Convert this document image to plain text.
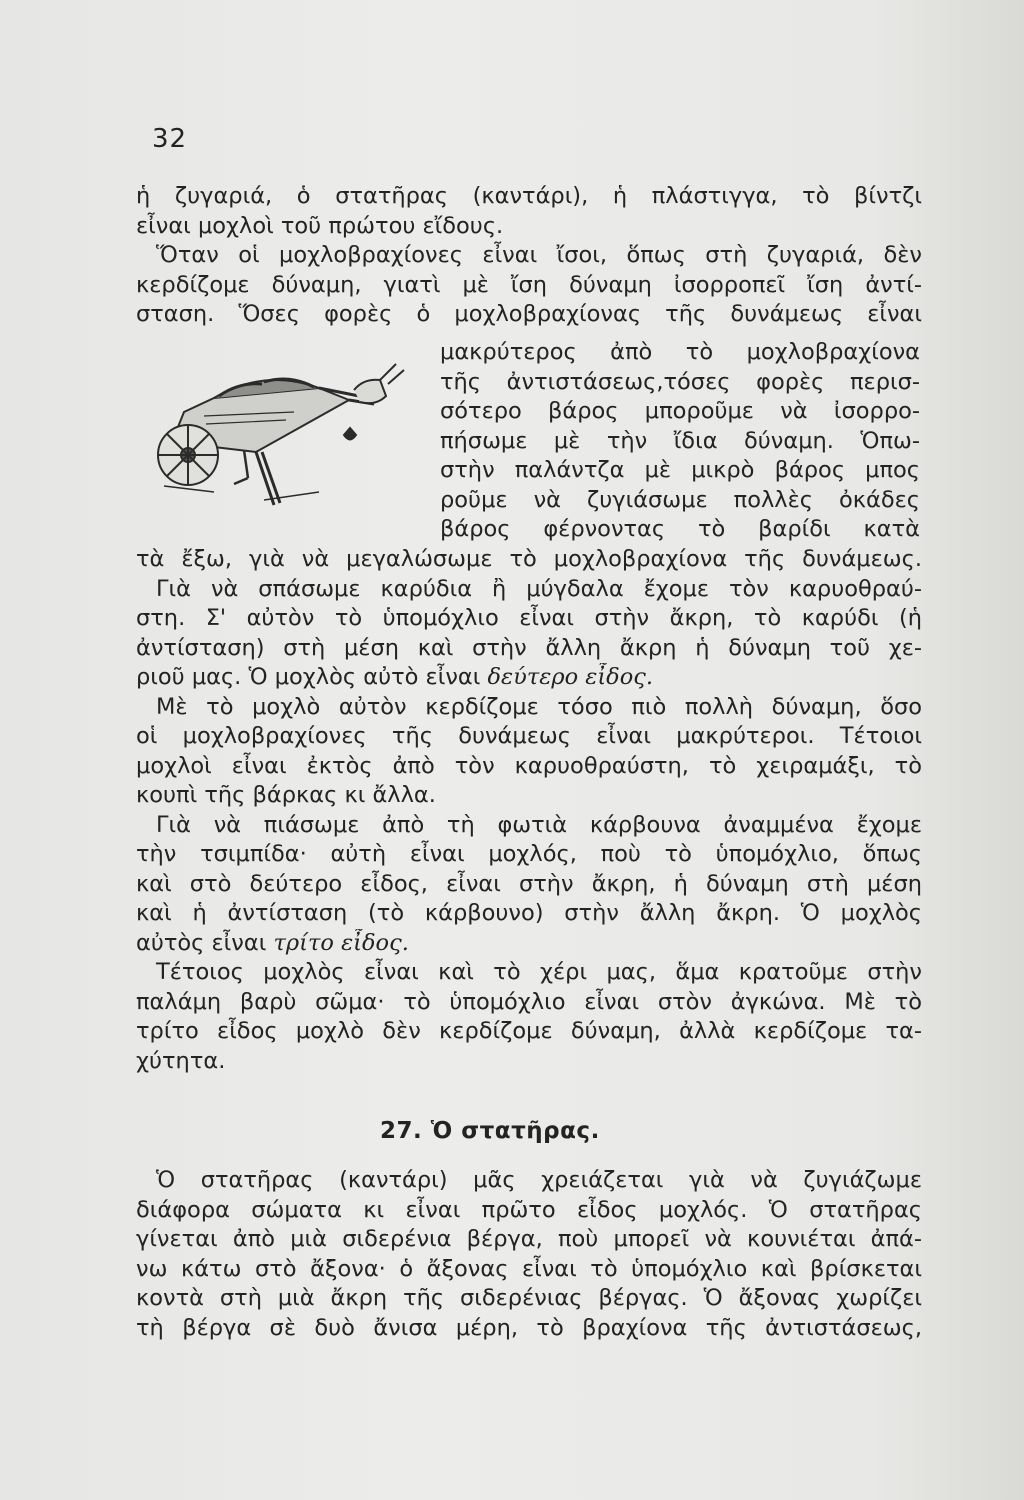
32
ἡ ζυγαριά, ὁ στατῆρας (καντάρι), ἡ πλάστιγγα, τὸ βίντζι
εἶναι μοχλοὶ τοῦ πρώτου εἴδους.
Ὅταν οἱ μοχλοβραχίονες εἶναι ἴσοι, ὅπως στὴ ζυγαριά, δὲν
κερδίζομε δύναμη, γιατὶ μὲ ἴση δύναμη ἰσορροπεῖ ἴση ἀντί-
σταση. Ὅσες φορὲς ὁ μοχλοβραχίονας τῆς δυνάμεως εἶναι
μακρύτερος ἀπὸ τὸ μοχλοβραχίονα
τῆς ἀντιστάσεως,τόσες φορὲς περισ-
σότερο βάρος μποροῦμε νὰ ἰσορρο-
πήσωμε μὲ τὴν ἴδια δύναμη. Ὁπω-
στὴν παλάντζα μὲ μικρὸ βάρος μπος
ροῦμε νὰ ζυγιάσωμε πολλὲς ὀκάδες
βάρος φέρνοντας τὸ βαρίδι κατὰ
τὰ ἔξω, γιὰ νὰ μεγαλώσωμε τὸ μοχλοβραχίονα τῆς δυνάμεως.
Γιὰ νὰ σπάσωμε καρύδια ἢ μύγδαλα ἔχομε τὸν καρυοθραύ-
στη. Σ' αὐτὸν τὸ ὑπομόχλιο εἶναι στὴν ἄκρη, τὸ καρύδι (ἡ
ἀντίσταση) στὴ μέση καὶ στὴν ἄλλη ἄκρη ἡ δύναμη τοῦ χε-
ριοῦ μας. Ὁ μοχλὸς αὐτὸ εἶναι δεύτερο εἶδος.
Μὲ τὸ μοχλὸ αὐτὸν κερδίζομε τόσο πιὸ πολλὴ δύναμη, ὅσο
οἱ μοχλοβραχίονες τῆς δυνάμεως εἶναι μακρύτεροι. Τέτοιοι
μοχλοὶ εἶναι ἐκτὸς ἀπὸ τὸν καρυοθραύστη, τὸ χειραμάξι, τὸ
κουπὶ τῆς βάρκας κι ἄλλα.
Γιὰ νὰ πιάσωμε ἀπὸ τὴ φωτιὰ κάρβουνα ἀναμμένα ἔχομε
τὴν τσιμπίδα· αὐτὴ εἶναι μοχλός, ποὺ τὸ ὑπομόχλιο, ὅπως
καὶ στὸ δεύτερο εἶδος, εἶναι στὴν ἄκρη, ἡ δύναμη στὴ μέση
καὶ ἡ ἀντίσταση (τὸ κάρβουνο) στὴν ἄλλη ἄκρη. Ὁ μοχλὸς
αὐτὸς εἶναι τρίτο εἶδος.
Τέτοιος μοχλὸς εἶναι καὶ τὸ χέρι μας, ἅμα κρατοῦμε στὴν
παλάμη βαρὺ σῶμα· τὸ ὑπομόχλιο εἶναι στὸν ἀγκώνα. Μὲ τὸ
τρίτο εἶδος μοχλὸ δὲν κερδίζομε δύναμη, ἀλλὰ κερδίζομε τα-
χύτητα.
27. Ὁ στατῆρας.
Ὁ στατῆρας (καντάρι) μᾶς χρειάζεται γιὰ νὰ ζυγιάζωμε
διάφορα σώματα κι εἶναι πρῶτο εἶδος μοχλός. Ὁ στατῆρας
γίνεται ἀπὸ μιὰ σιδερένια βέργα, ποὺ μπορεῖ νὰ κουνιέται ἀπά-
νω κάτω στὸ ἄξονα· ὁ ἄξονας εἶναι τὸ ὑπομόχλιο καὶ βρίσκεται
κοντὰ στὴ μιὰ ἄκρη τῆς σιδερένιας βέργας. Ὁ ἄξονας χωρίζει
τὴ βέργα σὲ δυὸ ἄνισα μέρη, τὸ βραχίονα τῆς ἀντιστάσεως,
